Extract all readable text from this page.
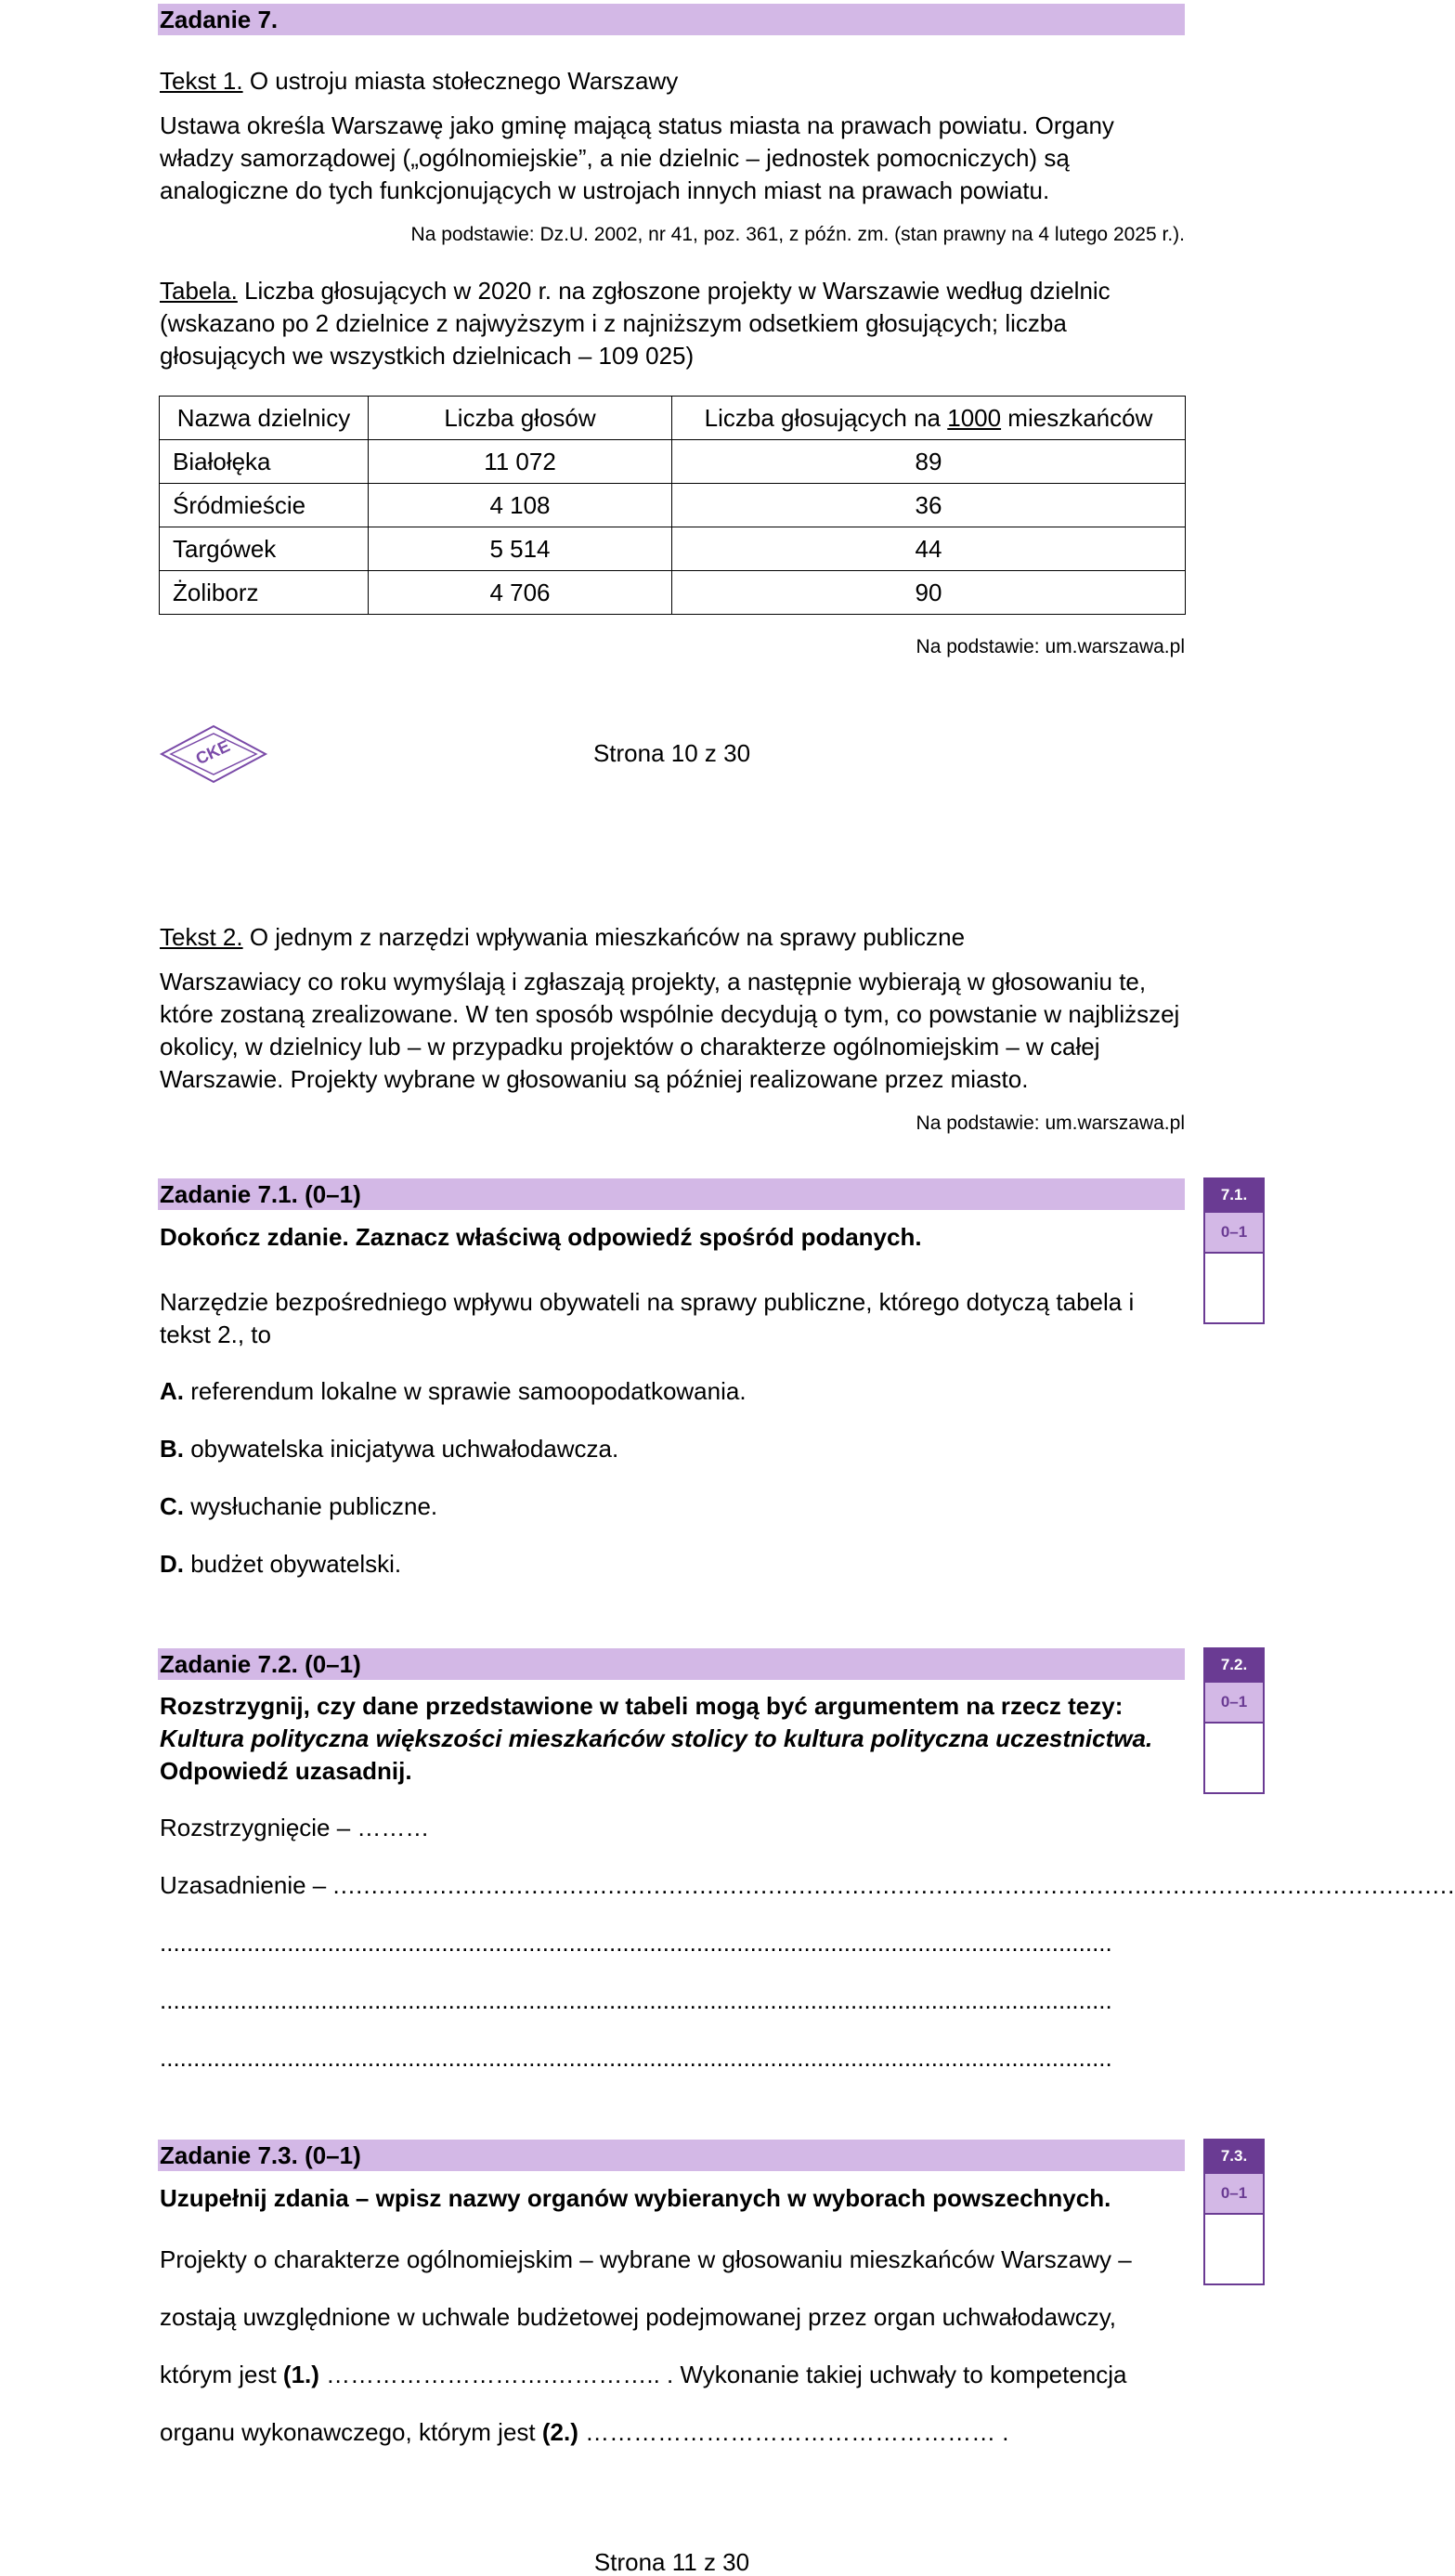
Zadanie 7.
Tekst 1. O ustroju miasta stołecznego Warszawy
Ustawa określa Warszawę jako gminę mającą status miasta na prawach powiatu. Organy władzy samorządowej („ogólnomiejskie”, a nie dzielnic – jednostek pomocniczych) są analogiczne do tych funkcjonujących w ustrojach innych miast na prawach powiatu.
Na podstawie: Dz.U. 2002, nr 41, poz. 361, z późn. zm. (stan prawny na 4 lutego 2025 r.).
Tabela. Liczba głosujących w 2020 r. na zgłoszone projekty w Warszawie według dzielnic (wskazano po 2 dzielnice z najwyższym i z najniższym odsetkiem głosujących; liczba głosujących we wszystkich dzielnicach – 109 025)
Nazwa dzielnicy	Liczba głosów	Liczba głosujących na 1000 mieszkańców
Białołęka	11 072	89
Śródmieście	4 108	36
Targówek	5 514	44
Żoliborz	4 706	90
Na podstawie: um.warszawa.pl
CKE	Strona 10 z 30
Tekst 2. O jednym z narzędzi wpływania mieszkańców na sprawy publiczne
Warszawiacy co roku wymyślają i zgłaszają projekty, a następnie wybierają w głosowaniu te, które zostaną zrealizowane. W ten sposób wspólnie decydują o tym, co powstanie w najbliższej okolicy, w dzielnicy lub – w przypadku projektów o charakterze ogólnomiejskim – w całej Warszawie. Projekty wybrane w głosowaniu są później realizowane przez miasto.
Na podstawie: um.warszawa.pl
Zadanie 7.1. (0–1)	7.1.
0–1
Dokończ zdanie. Zaznacz właściwą odpowiedź spośród podanych.
Narzędzie bezpośredniego wpływu obywateli na sprawy publiczne, którego dotyczą tabela i tekst 2., to
A. referendum lokalne w sprawie samoopodatkowania.
B. obywatelska inicjatywa uchwałodawcza.
C. wysłuchanie publiczne.
D. budżet obywatelski.
Zadanie 7.2. (0–1)	7.2.
0–1
Rozstrzygnij, czy dane przedstawione w tabeli mogą być argumentem na rzecz tezy:
Kultura polityczna większości mieszkańców stolicy to kultura polityczna uczestnictwa.
Odpowiedź uzasadnij.
Rozstrzygnięcie – ………
Uzasadnienie – ...................................................................................................................................................
..............................................................................................................................................
..............................................................................................................................................
..............................................................................................................................................
Zadanie 7.3. (0–1)	7.3.
0–1
Uzupełnij zdania – wpisz nazwy organów wybieranych w wyborach powszechnych.
Projekty o charakterze ogólnomiejskim – wybrane w głosowaniu mieszkańców Warszawy –
zostają uwzględnione w uchwale budżetowej podejmowanej przez organ uchwałodawczy,
którym jest (1.) ……………………….………….. . Wykonanie takiej uchwały to kompetencja
organu wykonawczego, którym jest (2.) …………………………………………… .
Strona 11 z 30
